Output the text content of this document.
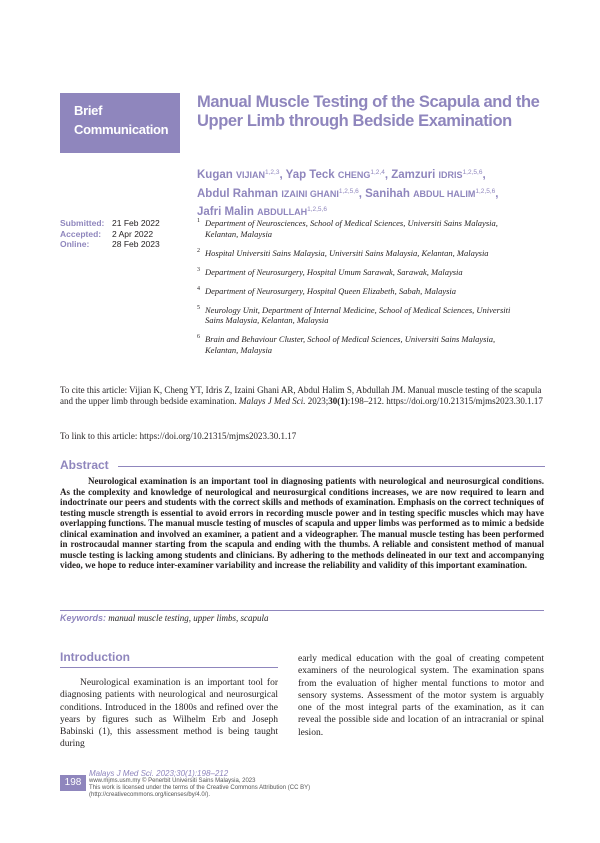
Brief
Communication
Manual Muscle Testing of the Scapula and the Upper Limb through Bedside Examination
Kugan VIJIAN$^{1,2,3}$, Yap Teck CHENG$^{1,2,4}$, Zamzuri IDRIS$^{1,2,5,6}$,
Abdul Rahman IZAINI GHANI$^{1,2,5,6}$, Sanihah ABDUL HALIM$^{1,2,5,6}$,
Jafri Malin ABDULLAH$^{1,2,5,6}$
Submitted: 21 Feb 2022
Accepted: 2 Apr 2022
Online:	28 Feb 2023
1 Department of Neurosciences, School of Medical Sciences, Universiti Sains Malaysia, Kelantan, Malaysia
2 Hospital Universiti Sains Malaysia, Universiti Sains Malaysia, Kelantan, Malaysia
3 Department of Neurosurgery, Hospital Umum Sarawak, Sarawak, Malaysia
4 Department of Neurosurgery, Hospital Queen Elizabeth, Sabah, Malaysia
5 Neurology Unit, Department of Internal Medicine, School of Medical Sciences, Universiti Sains Malaysia, Kelantan, Malaysia
6 Brain and Behaviour Cluster, School of Medical Sciences, Universiti Sains Malaysia, Kelantan, Malaysia
To cite this article: Vijian K, Cheng YT, Idris Z, Izaini Ghani AR, Abdul Halim S, Abdullah JM. Manual muscle testing of the scapula and the upper limb through bedside examination. Malays J Med Sci. 2023;30(1):198–212. https://doi.org/10.21315/mjms2023.30.1.17
To link to this article: https://doi.org/10.21315/mjms2023.30.1.17
Abstract
Neurological examination is an important tool in diagnosing patients with neurological and neurosurgical conditions. As the complexity and knowledge of neurological and neurosurgical conditions increases, we are now required to learn and indoctrinate our peers and students with the correct skills and methods of examination. Emphasis on the correct techniques of testing muscle strength is essential to avoid errors in recording muscle power and in testing specific muscles which may have overlapping functions. The manual muscle testing of muscles of scapula and upper limbs was performed as to mimic a bedside clinical examination and involved an examiner, a patient and a videographer. The manual muscle testing has been performed in rostrocaudal manner starting from the scapula and ending with the thumbs. A reliable and consistent method of manual muscle testing is lacking among students and clinicians. By adhering to the methods delineated in our text and accompanying video, we hope to reduce inter-examiner variability and increase the reliability and validity of this important examination.
Keywords: manual muscle testing, upper limbs, scapula
Introduction
Neurological examination is an important tool for diagnosing patients with neurological and neurosurgical conditions. Introduced in the 1800s and refined over the years by figures such as Wilhelm Erb and Joseph Babinski (1), this assessment method is being taught during
early medical education with the goal of creating competent examiners of the neurological system. The examination spans from the evaluation of higher mental functions to motor and sensory systems. Assessment of the motor system is arguably one of the most integral parts of the examination, as it can reveal the possible side and location of an intracranial or spinal lesion.
198
Malays J Med Sci. 2023;30(1):198–212
www.mjms.usm.my © Penerbit Universiti Sains Malaysia, 2023
This work is licensed under the terms of the Creative Commons Attribution (CC BY)
(http://creativecommons.org/licenses/by/4.0/).
